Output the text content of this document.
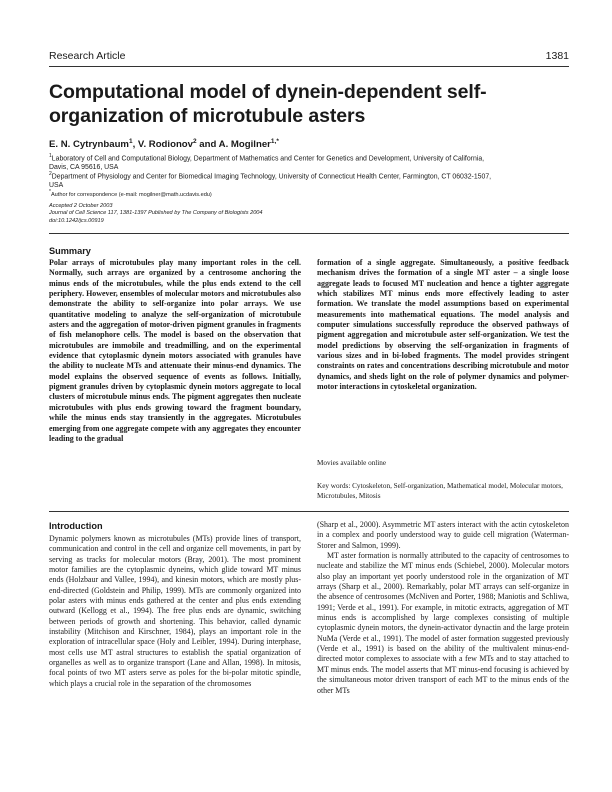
Research Article	1381
Computational model of dynein-dependent self-
organization of microtubule asters
E. N. Cytrynbaum$^1$, V. Rodionov$^2$ and A. Mogilner$^{1,*}$
$^1$Laboratory of Cell and Computational Biology, Department of Mathematics and Center for Genetics and Development, University of California,
Davis, CA 95616, USA
$^2$Department of Physiology and Center for Biomedical Imaging Technology, University of Connecticut Health Center, Farmington, CT 06032-1507,
USA
*Author for correspondence (e-mail: mogilner@math.ucdavis.edu)
Accepted 2 October 2003
Journal of Cell Science 117, 1381-1397 Published by The Company of Biologists 2004
doi:10.1242/jcs.00919
Summary
Polar arrays of microtubules play many important roles in the cell. Normally, such arrays are organized by a centrosome anchoring the minus ends of the microtubules, while the plus ends extend to the cell periphery. However, ensembles of molecular motors and microtubules also demonstrate the ability to self-organize into polar arrays. We use quantitative modeling to analyze the self-organization of microtubule asters and the aggregation of motor-driven pigment granules in fragments of fish melanophore cells. The model is based on the observation that microtubules are immobile and treadmilling, and on the experimental evidence that cytoplasmic dynein motors associated with granules have the ability to nucleate MTs and attenuate their minus-end dynamics. The model explains the observed sequence of events as follows. Initially, pigment granules driven by cytoplasmic dynein motors aggregate to local clusters of microtubule minus ends. The pigment aggregates then nucleate microtubules with plus ends growing toward the fragment boundary, while the minus ends stay transiently in the aggregates. Microtubules emerging from one aggregate compete with any aggregates they encounter leading to the gradual
formation of a single aggregate. Simultaneously, a positive feedback mechanism drives the formation of a single MT aster – a single loose aggregate leads to focused MT nucleation and hence a tighter aggregate which stabilizes MT minus ends more effectively leading to aster formation. We translate the model assumptions based on experimental measurements into mathematical equations. The model analysis and computer simulations successfully reproduce the observed pathways of pigment aggregation and microtubule aster self-organization. We test the model predictions by observing the self-organization in fragments of various sizes and in bi-lobed fragments. The model provides stringent constraints on rates and concentrations describing microtubule and motor dynamics, and sheds light on the role of polymer dynamics and polymer-motor interactions in cytoskeletal organization.
Movies available online
Key words: Cytoskeleton, Self-organization, Mathematical model, Molecular motors, Microtubules, Mitosis
Introduction

Dynamic polymers known as microtubules (MTs) provide lines of transport, communication and control in the cell and organize cell movements, in part by serving as tracks for molecular motors (Bray, 2001). The most prominent motor families are the cytoplasmic dyneins, which glide toward MT minus ends (Holzbaur and Vallee, 1994), and kinesin motors, which are mostly plus-end-directed (Goldstein and Philip, 1999). MTs are commonly organized into polar asters with minus ends gathered at the center and plus ends extending outward (Kellogg et al., 1994). The free plus ends are dynamic, switching between periods of growth and shortening. This behavior, called dynamic instability (Mitchison and Kirschner, 1984), plays an important role in the exploration of intracellular space (Holy and Leibler, 1994). During interphase, most cells use MT astral structures to establish the spatial organization of organelles as well as to organize transport (Lane and Allan, 1998). In mitosis, focal points of two MT asters serve as poles for the bi-polar mitotic spindle, which plays a crucial role in the separation of the chromosomes

(Sharp et al., 2000). Asymmetric MT asters interact with the actin cytoskeleton in a complex and poorly understood way to guide cell migration (Waterman-Storer and Salmon, 1999).

MT aster formation is normally attributed to the capacity of centrosomes to nucleate and stabilize the MT minus ends (Schiebel, 2000). Molecular motors also play an important yet poorly understood role in the organization of MT arrays (Sharp et al., 2000). Remarkably, polar MT arrays can self-organize in the absence of centrosomes (McNiven and Porter, 1988; Maniotis and Schliwa, 1991; Verde et al., 1991). For example, in mitotic extracts, aggregation of MT minus ends is accomplished by large complexes consisting of multiple cytoplasmic dynein motors, the dynein-activator dynactin and the large protein NuMa (Verde et al., 1991). The model of aster formation suggested previously (Verde et al., 1991) is based on the ability of the multivalent minus-end-directed motor complexes to associate with a few MTs and to stay attached to MT minus ends. The model asserts that MT minus-end focusing is achieved by the simultaneous motor driven transport of each MT to the minus ends of the other MTs
